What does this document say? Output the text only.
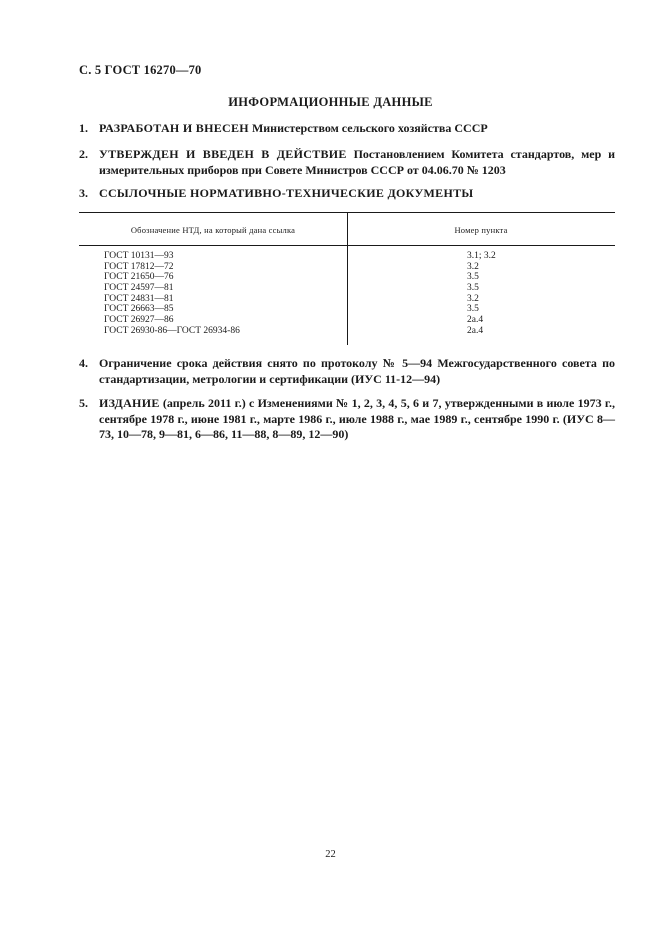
С. 5 ГОСТ 16270—70
ИНФОРМАЦИОННЫЕ ДАННЫЕ
1. РАЗРАБОТАН И ВНЕСЕН Министерством сельского хозяйства СССР
2. УТВЕРЖДЕН И ВВЕДЕН В ДЕЙСТВИЕ Постановлением Комитета стандартов, мер и измерительных приборов при Совете Министров СССР от 04.06.70 № 1203
3. ССЫЛОЧНЫЕ НОРМАТИВНО-ТЕХНИЧЕСКИЕ ДОКУМЕНТЫ
Обозначение НТД, на который дана ссылка	Номер пункта
ГОСТ 10131—93	3.1; 3.2
ГОСТ 17812—72	3.2
ГОСТ 21650—76	3.5
ГОСТ 24597—81	3.5
ГОСТ 24831—81	3.2
ГОСТ 26663—85	3.5
ГОСТ 26927—86	2а.4
ГОСТ 26930-86—ГОСТ 26934-86	2а.4
4. Ограничение срока действия снято по протоколу № 5—94 Межгосударственного совета по стандартизации, метрологии и сертификации (ИУС 11-12—94)
5. ИЗДАНИЕ (апрель 2011 г.) с Изменениями № 1, 2, 3, 4, 5, 6 и 7, утвержденными в июле 1973 г., сентябре 1978 г., июне 1981 г., марте 1986 г., июле 1988 г., мае 1989 г., сентябре 1990 г. (ИУС 8—73, 10—78, 9—81, 6—86, 11—88, 8—89, 12—90)
22
